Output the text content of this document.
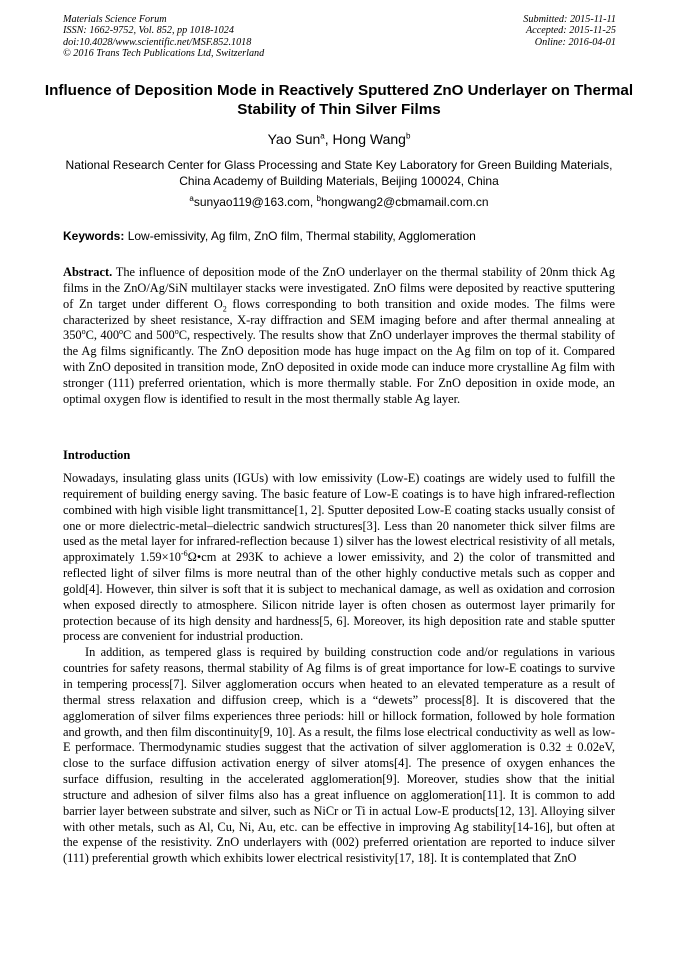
Materials Science Forum
ISSN: 1662-9752, Vol. 852, pp 1018-1024
doi:10.4028/www.scientific.net/MSF.852.1018
© 2016 Trans Tech Publications Ltd, Switzerland
Submitted: 2015-11-11
Accepted: 2015-11-25
Online: 2016-04-01
Influence of Deposition Mode in Reactively Sputtered ZnO Underlayer on Thermal Stability of Thin Silver Films
Yao Sun$^a$, Hong Wang$^b$
National Research Center for Glass Processing and State Key Laboratory for Green Building Materials, China Academy of Building Materials, Beijing 100024, China
$^a$sunyao119@163.com, $^b$hongwang2@cbmamail.com.cn
Keywords: Low-emissivity, Ag film, ZnO film, Thermal stability, Agglomeration

Abstract. The influence of deposition mode of the ZnO underlayer on the thermal stability of 20nm thick Ag films in the ZnO/Ag/SiN multilayer stacks were investigated. ZnO films were deposited by reactive sputtering of Zn target under different $O_2$ flows corresponding to both transition and oxide modes. The films were characterized by sheet resistance, X-ray diffraction and SEM imaging before and after thermal annealing at 350$^o$C, 400$^o$C and 500$^o$C, respectively. The results show that ZnO underlayer improves the thermal stability of the Ag films significantly. The ZnO deposition mode has huge impact on the Ag film on top of it. Compared with ZnO deposited in transition mode, ZnO deposited in oxide mode can induce more crystalline Ag film with stronger (111) preferred orientation, which is more thermally stable. For ZnO deposition in oxide mode, an optimal oxygen flow is identified to result in the most thermally stable Ag layer.

Introduction

Nowadays, insulating glass units (IGUs) with low emissivity (Low-E) coatings are widely used to fulfill the requirement of building energy saving. The basic feature of Low-E coatings is to have high infrared-reflection combined with high visible light transmittance[1, 2]. Sputter deposited Low-E coating stacks usually consist of one or more dielectric-metal–dielectric sandwich structures[3]. Less than 20 nanometer thick silver films are used as the metal layer for infrared-reflection because 1) silver has the lowest electrical resistivity of all metals, approximately $1.59\times 10^{-6}\Omega•cm$ at 293K to achieve a lower emissivity, and 2) the color of transmitted and reflected light of silver films is more neutral than of the other highly conductive metals such as copper and gold[4]. However, thin silver is soft that it is subject to mechanical damage, as well as oxidation and corrosion when exposed directly to atmosphere. Silicon nitride layer is often chosen as outermost layer primarily for protection because of its high density and hardness[5, 6]. Moreover, its high deposition rate and stable sputter process are convenient for industrial production.

In addition, as tempered glass is required by building construction code and/or regulations in various countries for safety reasons, thermal stability of Ag films is of great importance for low-E coatings to survive in tempering process[7]. Silver agglomeration occurs when heated to an elevated temperature as a result of thermal stress relaxation and diffusion creep, which is a “dewets” process[8]. It is discovered that the agglomeration of silver films experiences three periods: hill or hillock formation, followed by hole formation and growth, and then film discontinuity[9, 10]. As a result, the films lose electrical conductivity as well as low-E performace. Thermodynamic studies suggest that the activation of silver agglomeration is 0.32 ± 0.02eV, close to the surface diffusion activation energy of silver atoms[4]. The presence of oxygen enhances the surface diffusion, resulting in the accelerated agglomeration[9]. Moreover, studies show that the initial structure and adhesion of silver films also has a great influence on agglomeration[11]. It is common to add barrier layer between substrate and silver, such as NiCr or Ti in actual Low-E products[12, 13]. Alloying silver with other metals, such as Al, Cu, Ni, Au, etc. can be effective in improving Ag stability[14-16], but often at the expense of the resistivity. ZnO underlayers with (002) preferred orientation are reported to induce silver (111) preferential growth which exhibits lower electrical resistivity[17, 18]. It is contemplated that ZnO
